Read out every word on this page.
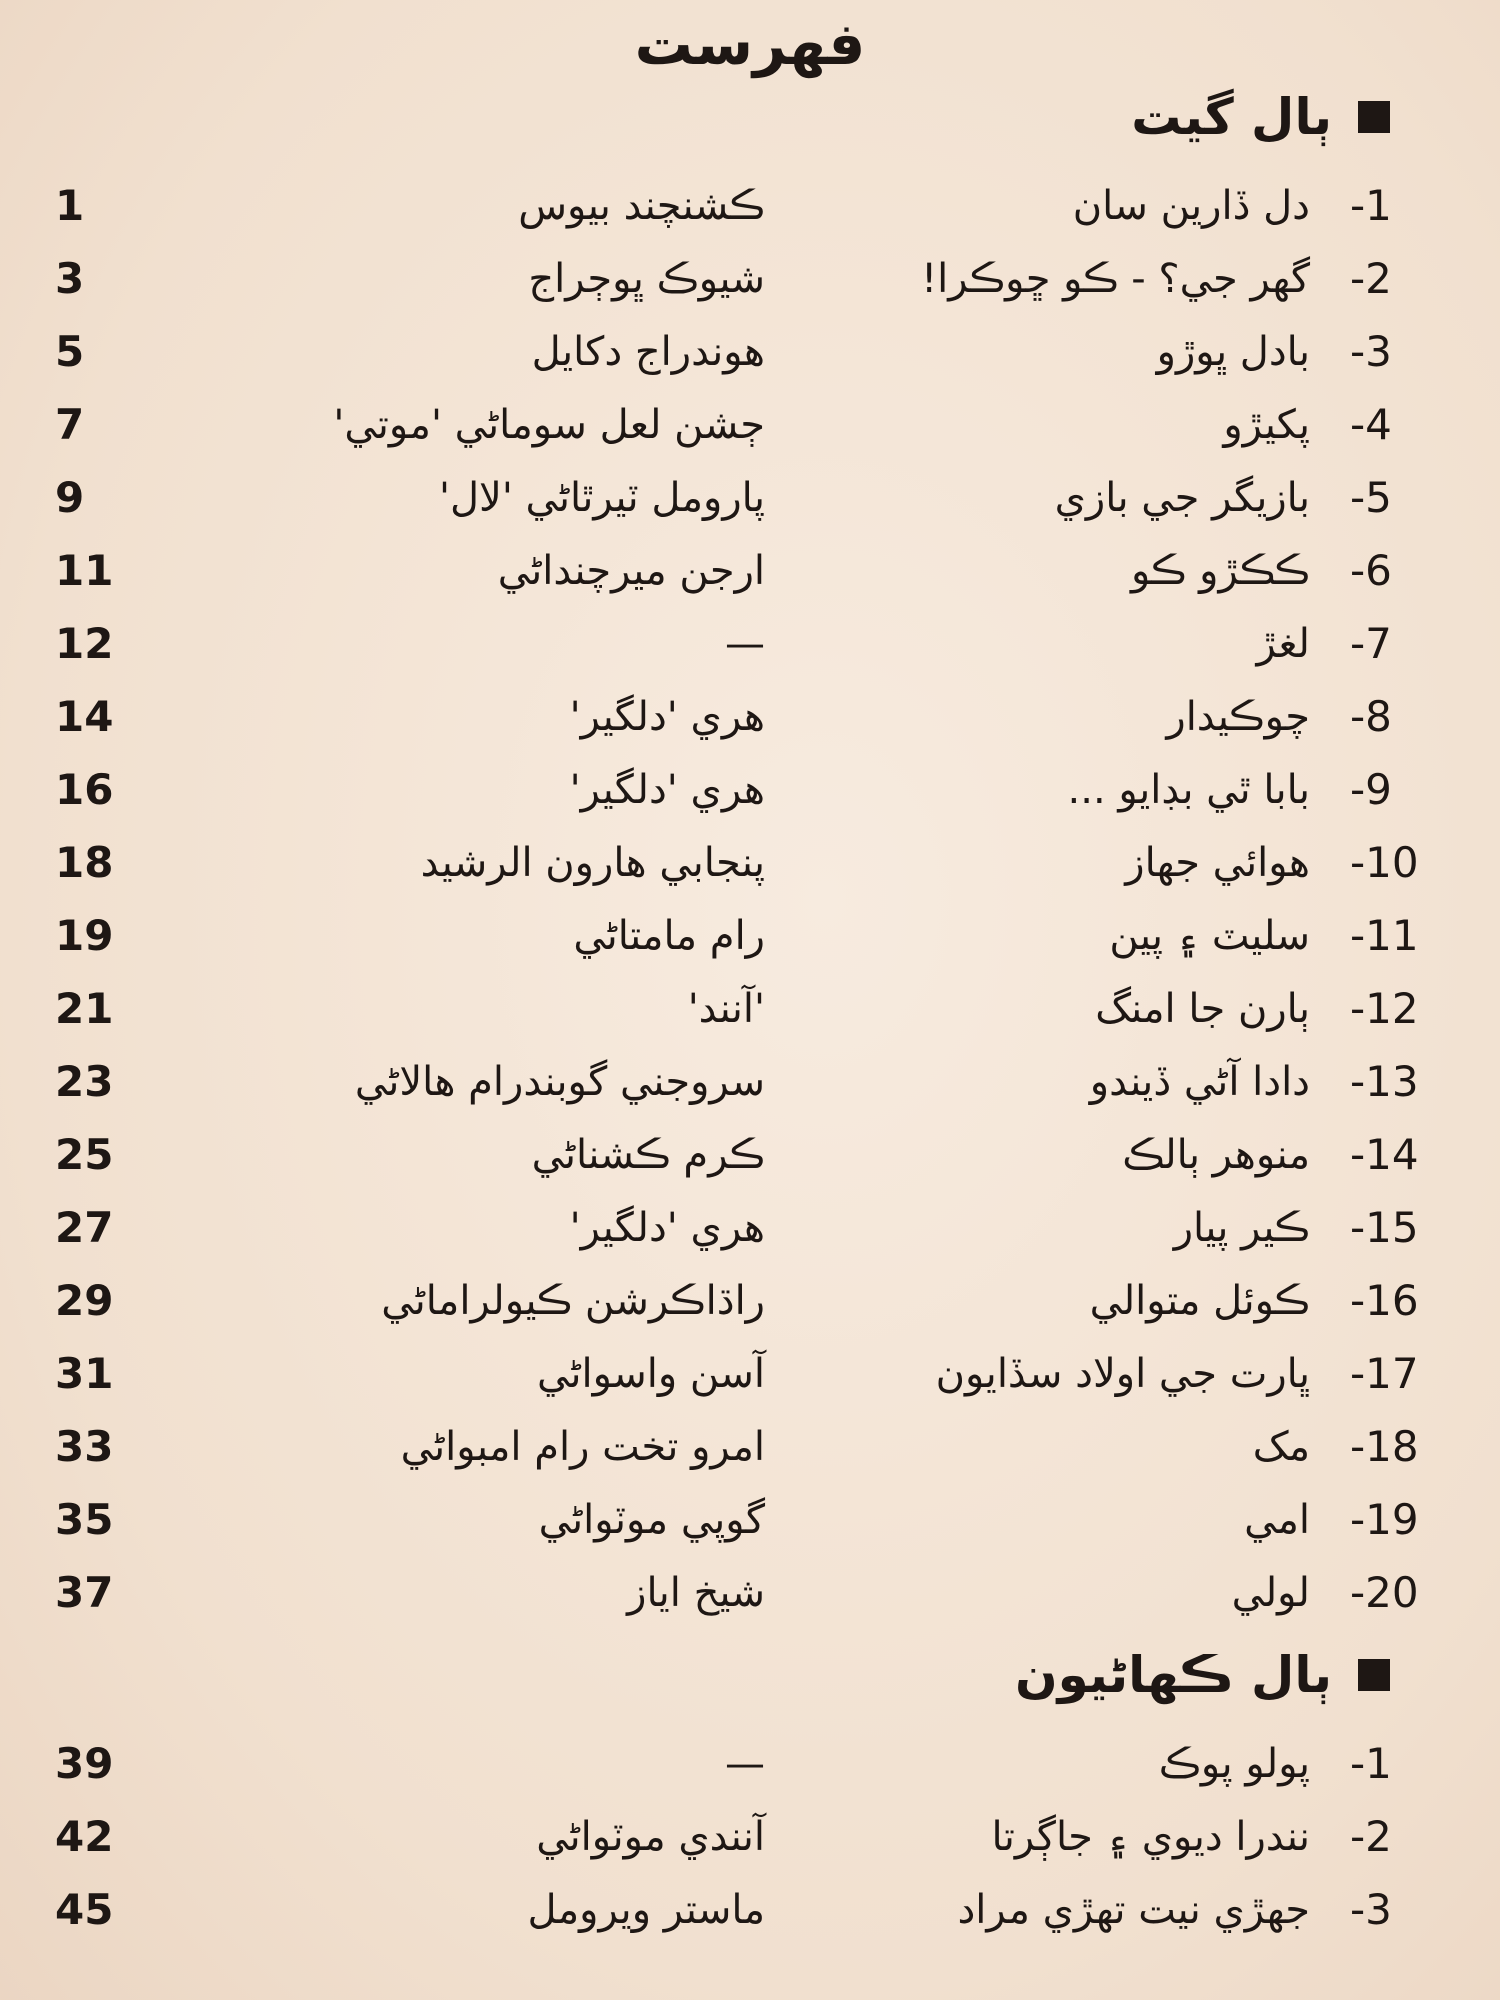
فهرست
ٻال گيت
-1
دل ڏارين سان
ڪشنچند بيوس
1
-2
گهر جي؟ - ڪو ڇوڪرا!
شيوڪ ڀوڄراج
3
-3
بادل ڀوڙو
هوندراج دکايل
5
-4
پکيڙو
ڄشن لعل سوماڻي 'موتي'
7
-5
بازيگر جي بازي
پارومل ٽيرٿاڻي 'لال'
9
-6
ڪڪڙو ڪو
ارجن ميرچنداڻي
11
-7
لغڙ
—
12
-8
چوڪيدار
هري 'دلگير'
14
-9
بابا ٿي بڊايو ...
هري 'دلگير'
16
-10
هوائي جهاز
پنجابي هارون الرشيد
18
-11
سليٽ ۽ پين
رام مامتاڻي
19
-12
ٻارن جا امنگ
'آنند'
21
-13
دادا آڻي ڏيندو
سروجني گوبندرام هالاڻي
23
-14
منوهر ٻالڪ
ڪرم ڪشناڻي
25
-15
ڪير پيار
هري 'دلگير'
27
-16
ڪوئل متوالي
راڌاڪرشن ڪيولراماڻي
29
-17
ڀارت جي اولاد سڏايون
آسن واسواڻي
31
-18
مک
امرو تخت رام امبواڻي
33
-19
امي
گوپي موٽواڻي
35
-20
لولي
شيخ اياز
37
ٻال ڪهاڻيون
-1
پولو پوڪ
—
39
-2
نندرا ديوي ۽ جاڳرتا
آنندي موٽواڻي
42
-3
جهڙي نيت تهڙي مراد
ماستر ويرومل
45
